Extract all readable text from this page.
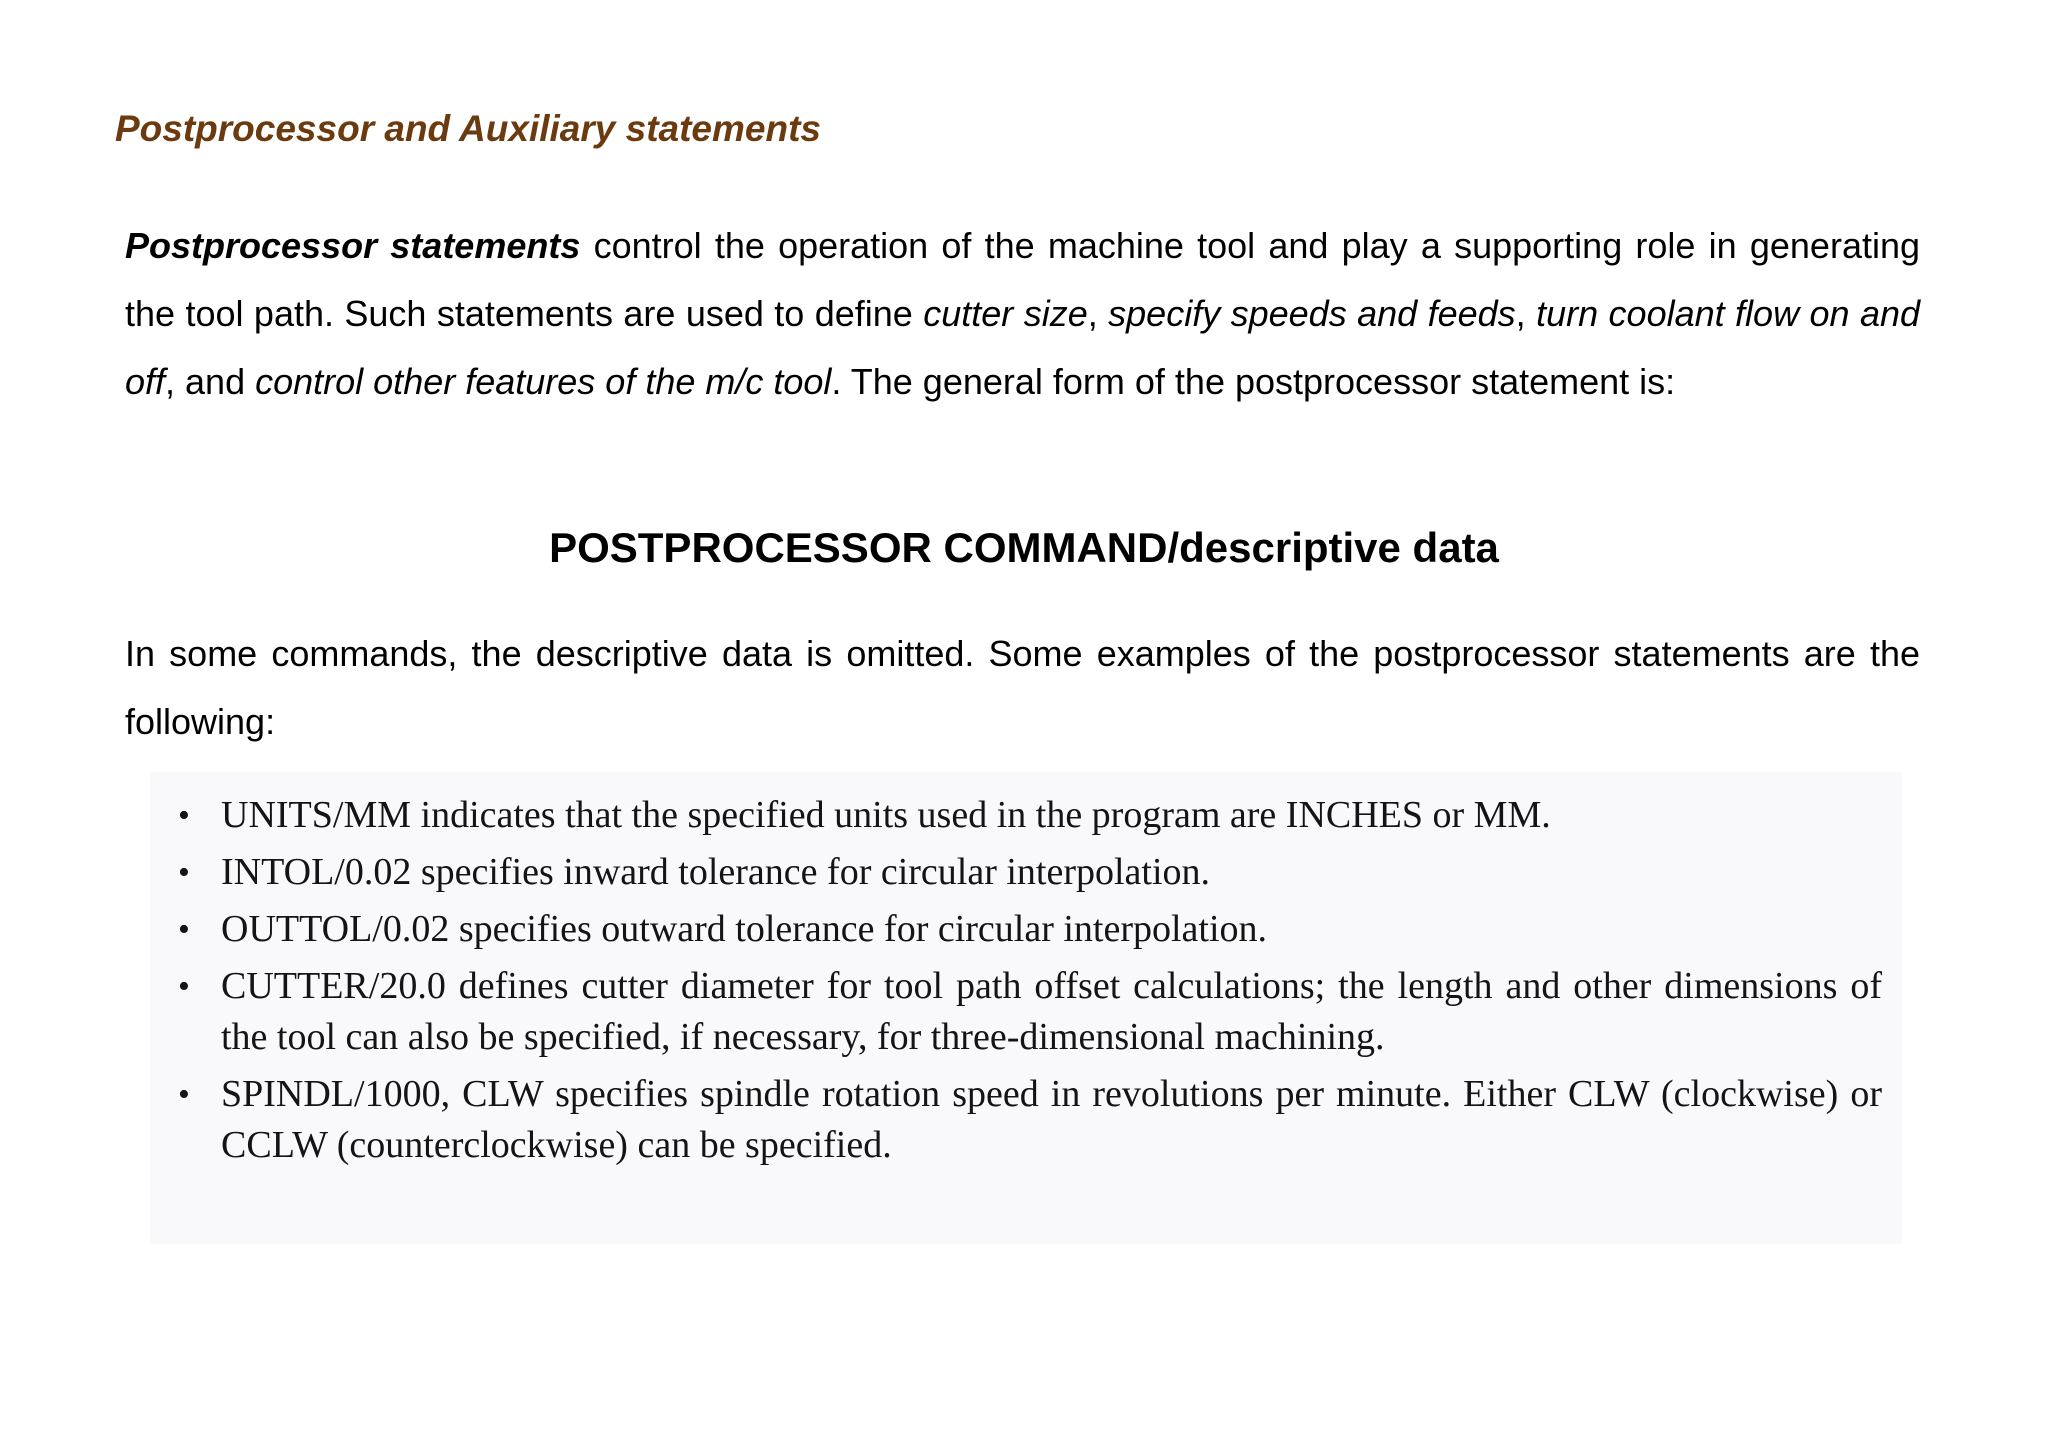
Postprocessor and Auxiliary statements

Postprocessor statements control the operation of the machine tool and play a supporting role in generating the tool path. Such statements are used to define cutter size, specify speeds and feeds, turn coolant flow on and off, and control other features of the m/c tool. The general form of the postprocessor statement is:

POSTPROCESSOR COMMAND/descriptive data

In some commands, the descriptive data is omitted. Some examples of the postprocessor statements are the following:

• UNITS/MM indicates that the specified units used in the program are INCHES or MM.
• INTOL/0.02 specifies inward tolerance for circular interpolation.
• OUTTOL/0.02 specifies outward tolerance for circular interpolation.
• CUTTER/20.0 defines cutter diameter for tool path offset calculations; the length and other dimensions of the tool can also be specified, if necessary, for three-dimensional machining.
• SPINDL/1000, CLW specifies spindle rotation speed in revolutions per minute. Either CLW (clockwise) or CCLW (counterclockwise) can be specified.
